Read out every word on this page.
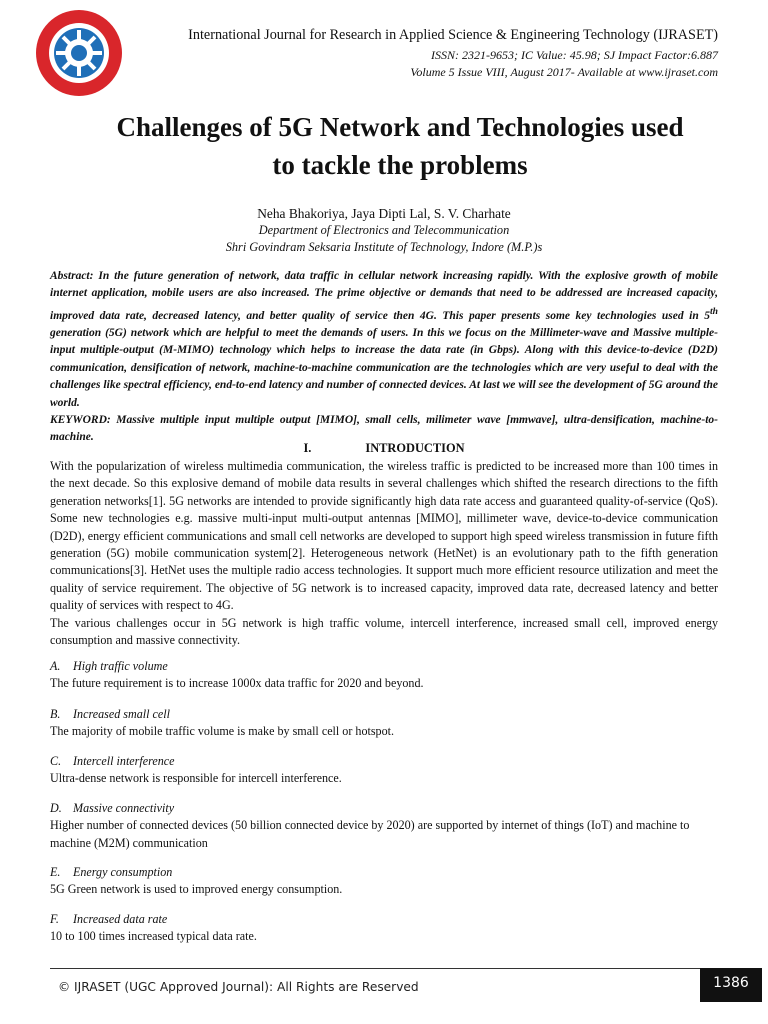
International Journal for Research in Applied Science & Engineering Technology (IJRASET)
ISSN: 2321-9653; IC Value: 45.98; SJ Impact Factor:6.887
Volume 5 Issue VIII, August 2017- Available at www.ijraset.com
Challenges of 5G Network and Technologies used
to tackle the problems
Neha Bhakoriya, Jaya Dipti Lal, S. V. Charhate
Department of Electronics and Telecommunication
Shri Govindram Seksaria Institute of Technology, Indore (M.P.)s

Abstract: In the future generation of network, data traffic in cellular network increasing rapidly. With the explosive growth of mobile internet application, mobile users are also increased. The prime objective or demands that need to be addressed are increased capacity, improved data rate, decreased latency, and better quality of service then 4G. This paper presents some key technologies used in 5th generation (5G) network which are helpful to meet the demands of users. In this we focus on the Millimeter-wave and Massive multiple-input multiple-output (M-MIMO) technology which helps to increase the data rate (in Gbps). Along with this device-to-device (D2D) communication, densification of network, machine-to-machine communication are the technologies which are very useful to deal with the challenges like spectral efficiency, end-to-end latency and number of connected devices. At last we will see the development of 5G around the world.

KEYWORD: Massive multiple input multiple output [MIMO], small cells, milimeter wave [mmwave], ultra-densification, machine-to-machine.

I.	INTRODUCTION

With the popularization of wireless multimedia communication, the wireless traffic is predicted to be increased more than 100 times in the next decade. So this explosive demand of mobile data results in several challenges which shifted the research directions to the fifth generation networks[1]. 5G networks are intended to provide significantly high data rate access and guaranteed quality-of-service (QoS). Some new technologies e.g. massive multi-input multi-output antennas [MIMO], millimeter wave, device-to-device communication (D2D), energy efficient communications and small cell networks are developed to support high speed wireless transmission in future fifth generation (5G) mobile communication system[2]. Heterogeneous network (HetNet) is an evolutionary path to the fifth generation communications[3]. HetNet uses the multiple radio access technologies. It support much more efficient resource utilization and meet the quality of service requirement. The objective of 5G network is to increased capacity, improved data rate, decreased latency and better quality of services with respect to 4G.

The various challenges occur in 5G network is high traffic volume, intercell interference, increased small cell, improved energy consumption and massive connectivity.

A. High traffic volume
The future requirement is to increase 1000x data traffic for 2020 and beyond.
B. Increased small cell
The majority of mobile traffic volume is make by small cell or hotspot.
C. Intercell interference
Ultra-dense network is responsible for intercell interference.
D. Massive connectivity
Higher number of connected devices (50 billion connected device by 2020) are supported by internet of things (IoT) and machine to machine (M2M) communication
E. Energy consumption
5G Green network is used to improved energy consumption.
F. Increased data rate
10 to 100 times increased typical data rate.
© IJRASET (UGC Approved Journal): All Rights are Reserved	1386
